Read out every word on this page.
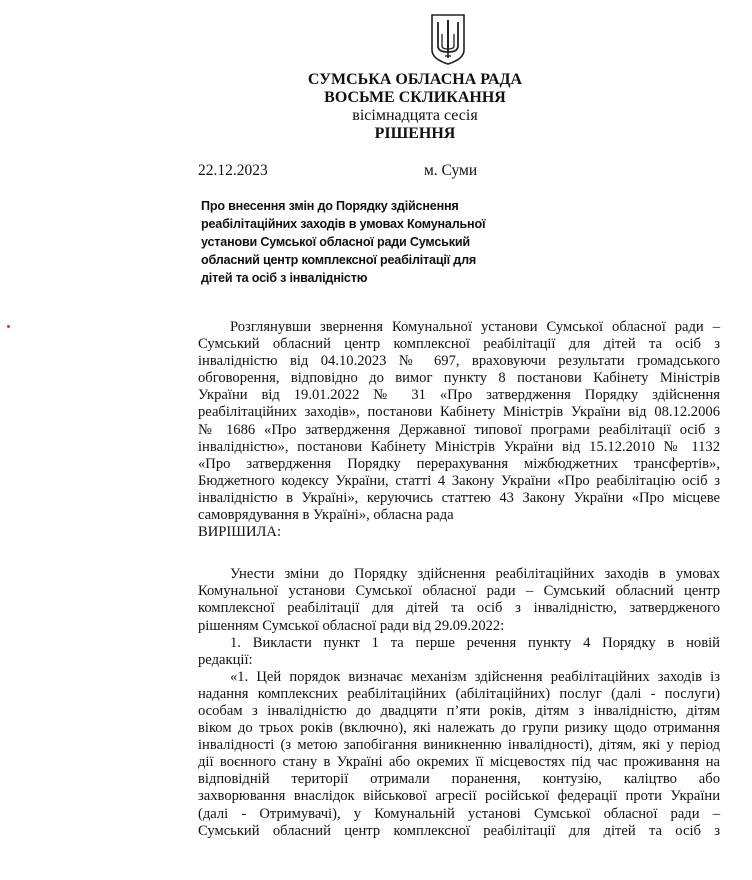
СУМСЬКА ОБЛАСНА РАДА
ВОСЬМЕ СКЛИКАННЯ
вісімнадцята сесія
РІШЕННЯ
22.12.2023	м. Суми
Про внесення змін до Порядку здійснення
реабілітаційних заходів в умовах Комунальної
установи Сумської обласної ради Сумський
обласний центр комплексної реабілітації для
дітей та осіб з інвалідністю
Розглянувши звернення Комунальної установи Сумської обласної ради –
Сумський обласний центр комплексної реабілітації для дітей та осіб з
інвалідністю від 04.10.2023 № 697, враховуючи результати громадського
обговорення, відповідно до вимог пункту 8 постанови Кабінету Міністрів
України від 19.01.2022 № 31 «Про затвердження Порядку здійснення
реабілітаційних заходів», постанови Кабінету Міністрів України від 08.12.2006
№ 1686 «Про затвердження Державної типової програми реабілітації осіб з
інвалідністю», постанови Кабінету Міністрів України від 15.12.2010 № 1132
«Про затвердження Порядку перерахування міжбюджетних трансфертів»,
Бюджетного кодексу України, статті 4 Закону України «Про реабілітацію осіб з
інвалідністю в Україні», керуючись статтею 43 Закону України «Про місцеве
самоврядування в Україні», обласна рада
ВИРІШИЛА:
Унести зміни до Порядку здійснення реабілітаційних заходів в умовах
Комунальної установи Сумської обласної ради – Сумський обласний центр
комплексної реабілітації для дітей та осіб з інвалідністю, затвердженого
рішенням Сумської обласної ради від 29.09.2022:
1. Викласти пункт 1 та перше речення пункту 4 Порядку в новій
редакції:
«1. Цей порядок визначає механізм здійснення реабілітаційних заходів із
надання комплексних реабілітаційних (абілітаційних) послуг (далі - послуги)
особам з інвалідністю до двадцяти п’яти років, дітям з інвалідністю, дітям
віком до трьох років (включно), які належать до групи ризику щодо отримання
інвалідності (з метою запобігання виникненню інвалідності), дітям, які у період
дії воєнного стану в Україні або окремих її місцевостях під час проживання на
відповідній території отримали поранення, контузію, каліцтво або
захворювання внаслідок військової агресії російської федерації проти України
(далі - Отримувачі), у Комунальній установі Сумської обласної ради –
Сумський обласний центр комплексної реабілітації для дітей та осіб з
